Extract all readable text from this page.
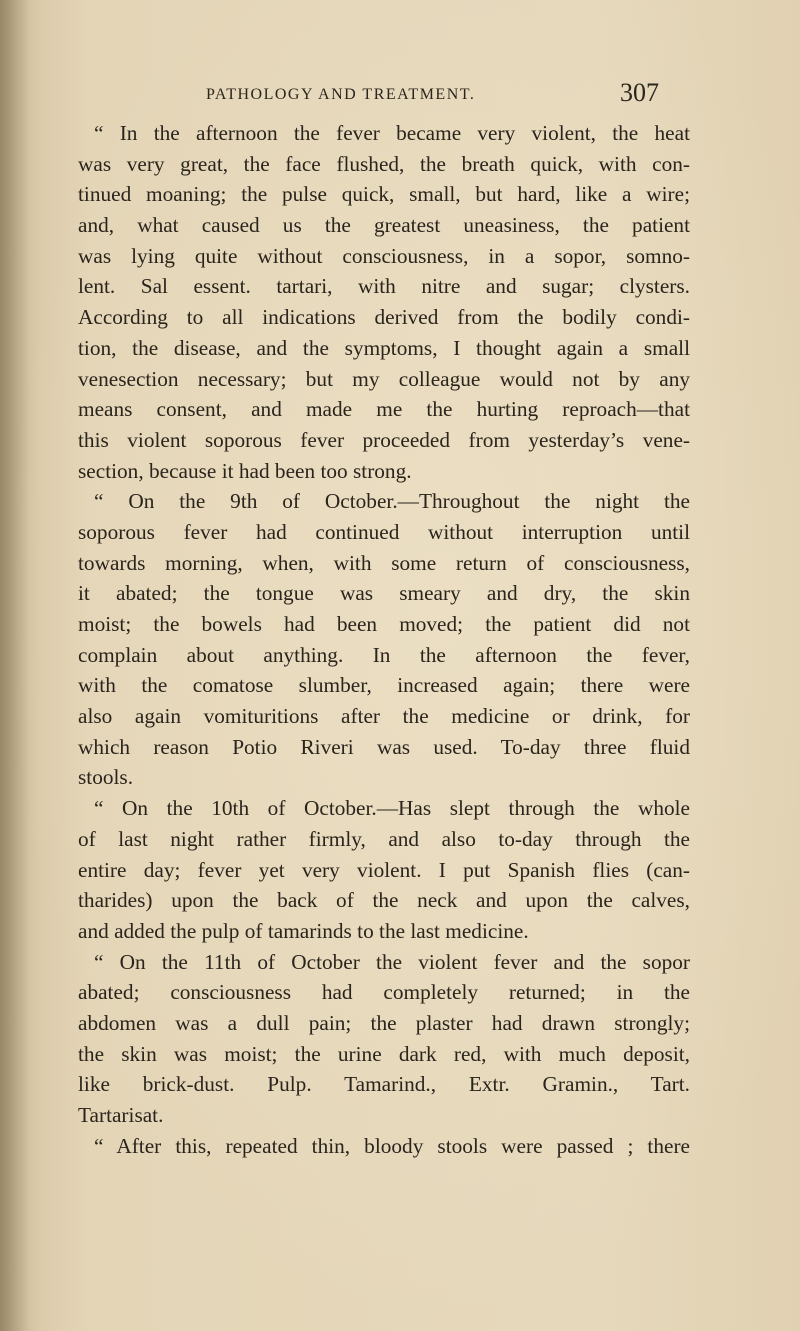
PATHOLOGY AND TREATMENT.	307
“ In the afternoon the fever became very violent, the heat
was very great, the face flushed, the breath quick, with con-
tinued moaning; the pulse quick, small, but hard, like a wire;
and, what caused us the greatest uneasiness, the patient
was lying quite without consciousness, in a sopor, somno-
lent. Sal essent. tartari, with nitre and sugar; clysters.
According to all indications derived from the bodily condi-
tion, the disease, and the symptoms, I thought again a small
venesection necessary; but my colleague would not by any
means consent, and made me the hurting reproach—that
this violent soporous fever proceeded from yesterday’s vene-
section, because it had been too strong.
“ On the 9th of October.—Throughout the night the
soporous fever had continued without interruption until
towards morning, when, with some return of consciousness,
it abated; the tongue was smeary and dry, the skin
moist; the bowels had been moved; the patient did not
complain about anything. In the afternoon the fever,
with the comatose slumber, increased again; there were
also again vomituritions after the medicine or drink, for
which reason Potio Riveri was used. To-day three fluid
stools.
“ On the 10th of October.—Has slept through the whole
of last night rather firmly, and also to-day through the
entire day; fever yet very violent. I put Spanish flies (can-
tharides) upon the back of the neck and upon the calves,
and added the pulp of tamarinds to the last medicine.
“ On the 11th of October the violent fever and the sopor
abated; consciousness had completely returned; in the
abdomen was a dull pain; the plaster had drawn strongly;
the skin was moist; the urine dark red, with much deposit,
like brick-dust. Pulp. Tamarind., Extr. Gramin., Tart.
Tartarisat.
“ After this, repeated thin, bloody stools were passed ; there
